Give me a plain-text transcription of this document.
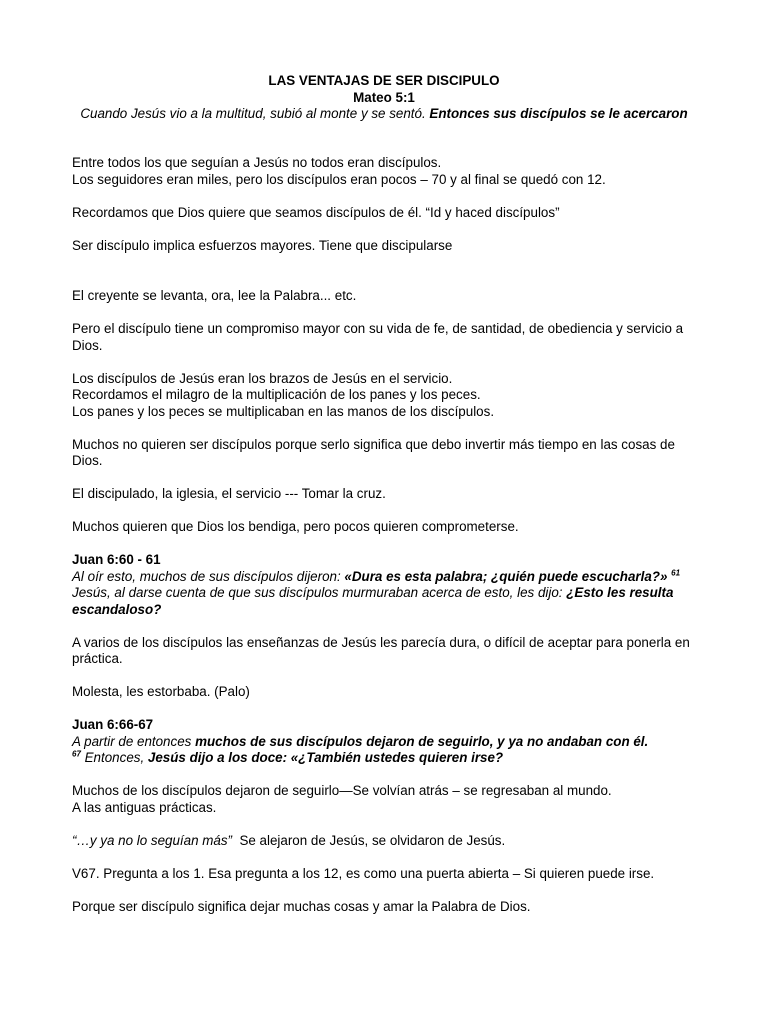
LAS VENTAJAS DE SER DISCIPULO

Mateo 5:1

Cuando Jesús vio a la multitud, subió al monte y se sentó. Entonces sus discípulos se le acercaron

Entre todos los que seguían a Jesús no todos eran discípulos.

Los seguidores eran miles, pero los discípulos eran pocos – 70 y al final se quedó con 12.

Recordamos que Dios quiere que seamos discípulos de él. “Id y haced discípulos”

Ser discípulo implica esfuerzos mayores. Tiene que discipularse

El creyente se levanta, ora, lee la Palabra... etc.

Pero el discípulo tiene un compromiso mayor con su vida de fe, de santidad, de obediencia y servicio a Dios.

Los discípulos de Jesús eran los brazos de Jesús en el servicio.

Recordamos el milagro de la multiplicación de los panes y los peces.

Los panes y los peces se multiplicaban en las manos de los discípulos.

Muchos no quieren ser discípulos porque serlo significa que debo invertir más tiempo en las cosas de Dios.

El discipulado, la iglesia, el servicio --- Tomar la cruz.

Muchos quieren que Dios los bendiga, pero pocos quieren comprometerse.

Juan 6:60 - 61

Al oír esto, muchos de sus discípulos dijeron: «Dura es esta palabra; ¿quién puede escucharla?» $^{61}$ Jesús, al darse cuenta de que sus discípulos murmuraban acerca de esto, les dijo: ¿Esto les resulta escandaloso?

A varios de los discípulos las enseñanzas de Jesús les parecía dura, o difícil de aceptar para ponerla en práctica.

Molesta, les estorbaba. (Palo)

Juan 6:66-67

A partir de entonces muchos de sus discípulos dejaron de seguirlo, y ya no andaban con él.
$^{67}$ Entonces, Jesús dijo a los doce: «¿También ustedes quieren irse?

Muchos de los discípulos dejaron de seguirlo—Se volvían atrás – se regresaban al mundo.

A las antiguas prácticas.

“…y ya no lo seguían más”  Se alejaron de Jesús, se olvidaron de Jesús.

V67. Pregunta a los 1. Esa pregunta a los 12, es como una puerta abierta – Si quieren puede irse.

Porque ser discípulo significa dejar muchas cosas y amar la Palabra de Dios.
